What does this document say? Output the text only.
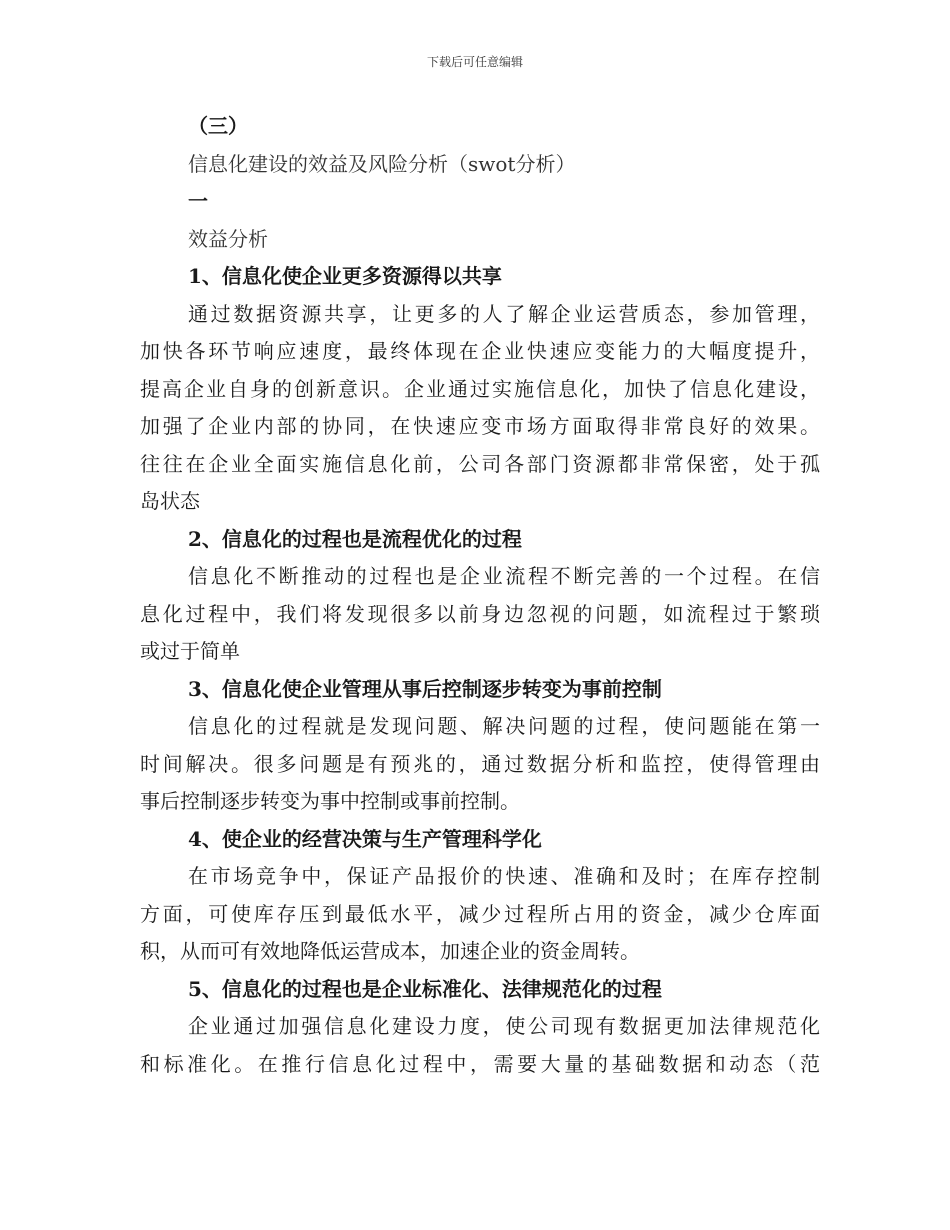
下载后可任意编辑
（三）
信息化建设的效益及风险分析（swot分析）
一
效益分析
1、信息化使企业更多资源得以共享
通过数据资源共享，让更多的人了解企业运营质态，参加管理，
加快各环节响应速度，最终体现在企业快速应变能力的大幅度提升，
提高企业自身的创新意识。企业通过实施信息化，加快了信息化建设，
加强了企业内部的协同，在快速应变市场方面取得非常良好的效果。
往往在企业全面实施信息化前，公司各部门资源都非常保密，处于孤
岛状态
2、信息化的过程也是流程优化的过程
信息化不断推动的过程也是企业流程不断完善的一个过程。在信
息化过程中，我们将发现很多以前身边忽视的问题，如流程过于繁琐
或过于简单
3、信息化使企业管理从事后控制逐步转变为事前控制
信息化的过程就是发现问题、解决问题的过程，使问题能在第一
时间解决。很多问题是有预兆的，通过数据分析和监控，使得管理由
事后控制逐步转变为事中控制或事前控制。
4、使企业的经营决策与生产管理科学化
在市场竞争中，保证产品报价的快速、准确和及时；在库存控制
方面，可使库存压到最低水平，减少过程所占用的资金，减少仓库面
积，从而可有效地降低运营成本，加速企业的资金周转。
5、信息化的过程也是企业标准化、法律规范化的过程
企业通过加强信息化建设力度，使公司现有数据更加法律规范化
和标准化。在推行信息化过程中，需要大量的基础数据和动态（范
